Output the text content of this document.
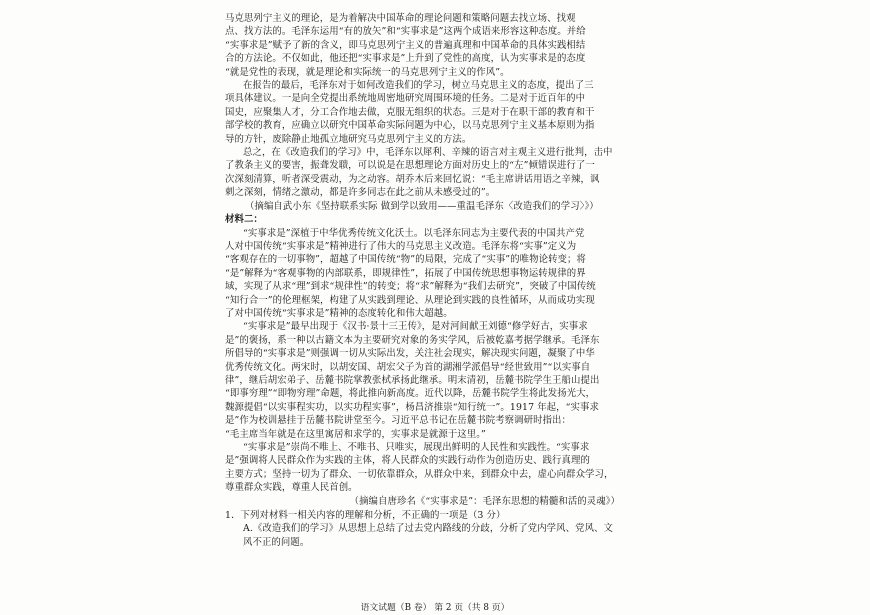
马克思列宁主义的理论，是为着解决中国革命的理论问题和策略问题去找立场、找观
点、找方法的。毛泽东运用“有的放矢”和“实事求是”这两个成语来形容这种态度。并给
“实事求是”赋予了新的含义，即马克思列宁主义的普遍真理和中国革命的具体实践相结
合的方法论。不仅如此，他还把“实事求是”上升到了党性的高度，认为实事求是的态度
“就是党性的表现，就是理论和实际统一的马克思列宁主义的作风”。
在报告的最后，毛泽东对于如何改造我们的学习，树立马克思主义的态度，提出了三
项具体建议。一是向全党提出系统地周密地研究周围环境的任务。二是对于近百年的中
国史，应聚集人才，分工合作地去做，克服无组织的状态。三是对于在职干部的教育和干
部学校的教育，应确立以研究中国革命实际问题为中心，以马克思列宁主义基本原则为指
导的方针，废除静止地孤立地研究马克思列宁主义的方法。
总之，在《改造我们的学习》中，毛泽东以犀利、辛辣的语言对主观主义进行批判，击中
了教条主义的要害，振聋发聩，可以说是在思想理论方面对历史上的“左”倾错误进行了一
次深刻清算，听者深受震动，为之动容。胡乔木后来回忆说：“毛主席讲话用语之辛辣，讽
刺之深刻，情绪之激动，都是许多同志在此之前从未感受过的”。
（摘编自武小东《坚持联系实际 做到学以致用——重温毛泽东〈改造我们的学习〉》）
材料二：
“实事求是”深植于中华优秀传统文化沃土。以毛泽东同志为主要代表的中国共产党
人对中国传统“实事求是”精神进行了伟大的马克思主义改造。毛泽东将“实事”定义为
“客观存在的一切事物”，超越了中国传统“物”的局限，完成了“实事”的唯物论转变；将
“是”解释为“客观事物的内部联系，即规律性”，拓展了中国传统思想事物运转规律的界
域，实现了从求“理”到求“规律性”的转变；将“求”解释为“我们去研究”，突破了中国传统
“知行合一”的伦理框架，构建了从实践到理论、从理论到实践的良性循环，从而成功实现
了对中国传统“实事求是”精神的态度转化和伟大超越。
“实事求是”最早出现于《汉书·景十三王传》，是对河间献王刘德“修学好古，实事求
是”的褒扬，系一种以古籍文本为主要研究对象的务实学风，后被乾嘉考据学继承。毛泽东
所倡导的“实事求是”则强调一切从实际出发，关注社会现实，解决现实问题，凝聚了中华
优秀传统文化。两宋时，以胡安国、胡宏父子为首的湖湘学派倡导“经世致用”“以实事自
律”，继后胡宏弟子、岳麓书院掌教张栻承扬此继承。明末清初，岳麓书院学生王船山提出
“即事穷理”“即物穷理”命题，将此推向新高度。近代以降，岳麓书院学生将此发扬光大，
魏源提倡“以实事程实功，以实功程实事”，杨昌济推崇“知行统一”。1917 年起，“实事求
是”作为校训悬挂于岳麓书院讲堂至今。习近平总书记在岳麓书院考察调研时指出：
“毛主席当年就是在这里寓居和求学的，实事求是就源于这里。”
“实事求是”崇尚不唯上、不唯书、只唯实，展现出鲜明的人民性和实践性。“实事求
是”强调将人民群众作为实践的主体，将人民群众的实践行动作为创造历史、践行真理的
主要方式；坚持一切为了群众、一切依靠群众，从群众中来，到群众中去，虚心向群众学习，
尊重群众实践，尊重人民首创。
（摘编自唐珍名《“实事求是”：毛泽东思想的精髓和活的灵魂》）
1．下列对材料一相关内容的理解和分析，不正确的一项是（3 分）
A.《改造我们的学习》从思想上总结了过去党内路线的分歧，分析了党内学风、党风、文
风不正的问题。
语文试题（B 卷） 第 2 页（共 8 页）
